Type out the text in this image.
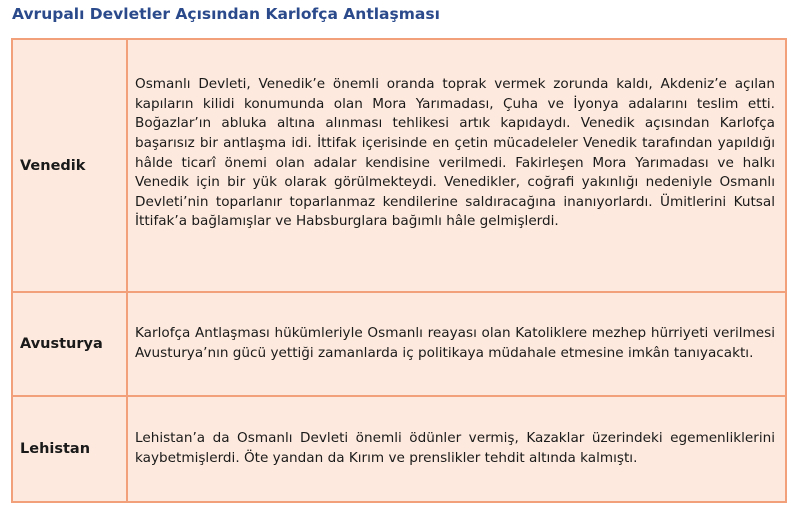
Avrupalı Devletler Açısından Karlofça Antlaşması
Venedik

Osmanlı Devleti, Venedik’e önemli oranda toprak vermek zorunda kaldı, Akdeniz’e açılan kapıların kilidi konumunda olan Mora Yarımadası, Çuha ve İyonya adalarını teslim etti. Boğazlar’ın abluka altına alınması tehlikesi artık kapıdaydı. Venedik açısından Karlofça başarısız bir antlaşma idi. İttifak içerisinde en çetin mücadeleler Venedik tarafından yapıldığı hâlde ticarî önemi olan adalar kendisine verilmedi. Fakirleşen Mora Yarımadası ve halkı Venedik için bir yük olarak görülmekteydi. Venedikler, coğrafi yakınlığı nedeniyle Osmanlı Devleti’nin toparlanır toparlanmaz kendilerine saldıracağına inanıyorlardı. Ümitlerini Kutsal İttifak’a bağlamışlar ve Habsburglara bağımlı hâle gelmişlerdi.

Avusturya

Karlofça Antlaşması hükümleriyle Osmanlı reayası olan Katoliklere mezhep hürriyeti verilmesi Avusturya’nın gücü yettiği zamanlarda iç politikaya müdahale etmesine imkân tanıyacaktı.

Lehistan

Lehistan’a da Osmanlı Devleti önemli ödünler vermiş, Kazaklar üzerindeki egemenliklerini kaybetmişlerdi. Öte yandan da Kırım ve prenslikler tehdit altında kalmıştı.
